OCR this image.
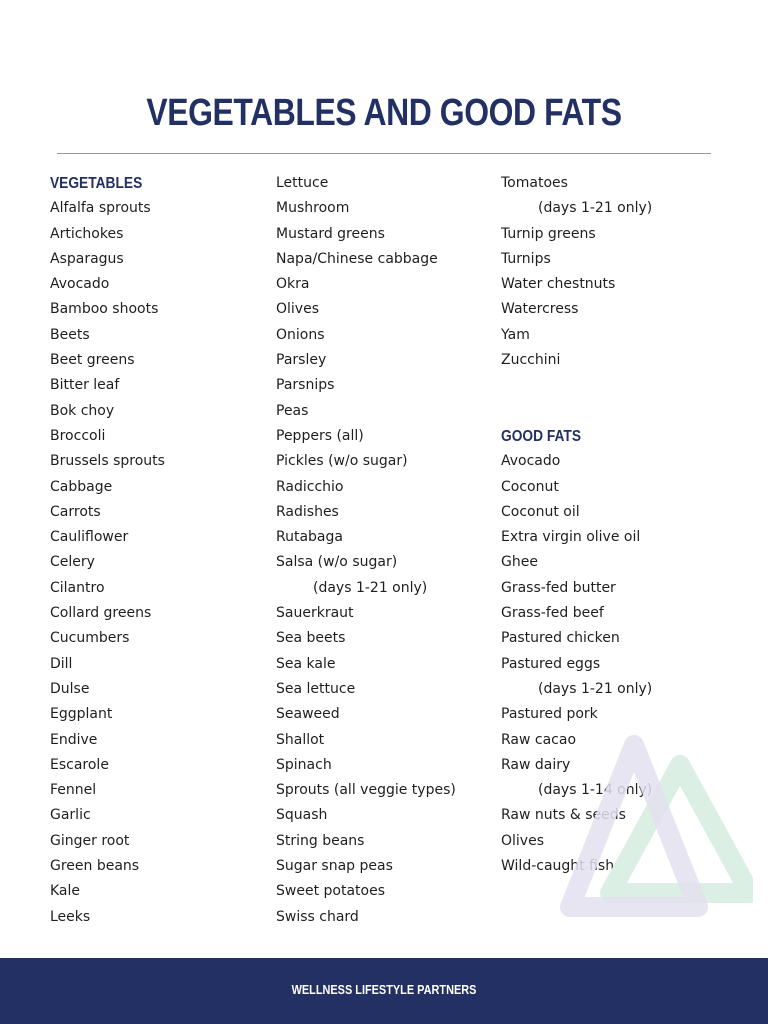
VEGETABLES AND GOOD FATS
VEGETABLES
Alfalfa sprouts
Artichokes
Asparagus
Avocado
Bamboo shoots
Beets
Beet greens
Bitter leaf
Bok choy
Broccoli
Brussels sprouts
Cabbage
Carrots
Cauliflower
Celery
Cilantro
Collard greens
Cucumbers
Dill
Dulse
Eggplant
Endive
Escarole
Fennel
Garlic
Ginger root
Green beans
Kale
Leeks
Lettuce
Mushroom
Mustard greens
Napa/Chinese cabbage
Okra
Olives
Onions
Parsley
Parsnips
Peas
Peppers (all)
Pickles (w/o sugar)
Radicchio
Radishes
Rutabaga
Salsa (w/o sugar)
(days 1-21 only)
Sauerkraut
Sea beets
Sea kale
Sea lettuce
Seaweed
Shallot
Spinach
Sprouts (all veggie types)
Squash
String beans
Sugar snap peas
Sweet potatoes
Swiss chard
Tomatoes
(days 1-21 only)
Turnip greens
Turnips
Water chestnuts
Watercress
Yam
Zucchini
GOOD FATS
Avocado
Coconut
Coconut oil
Extra virgin olive oil
Ghee
Grass-fed butter
Grass-fed beef
Pastured chicken
Pastured eggs
(days 1-21 only)
Pastured pork
Raw cacao
Raw dairy
(days 1-14 only)
Raw nuts & seeds
Olives
Wild-caught fish
WELLNESS LIFESTYLE PARTNERS
